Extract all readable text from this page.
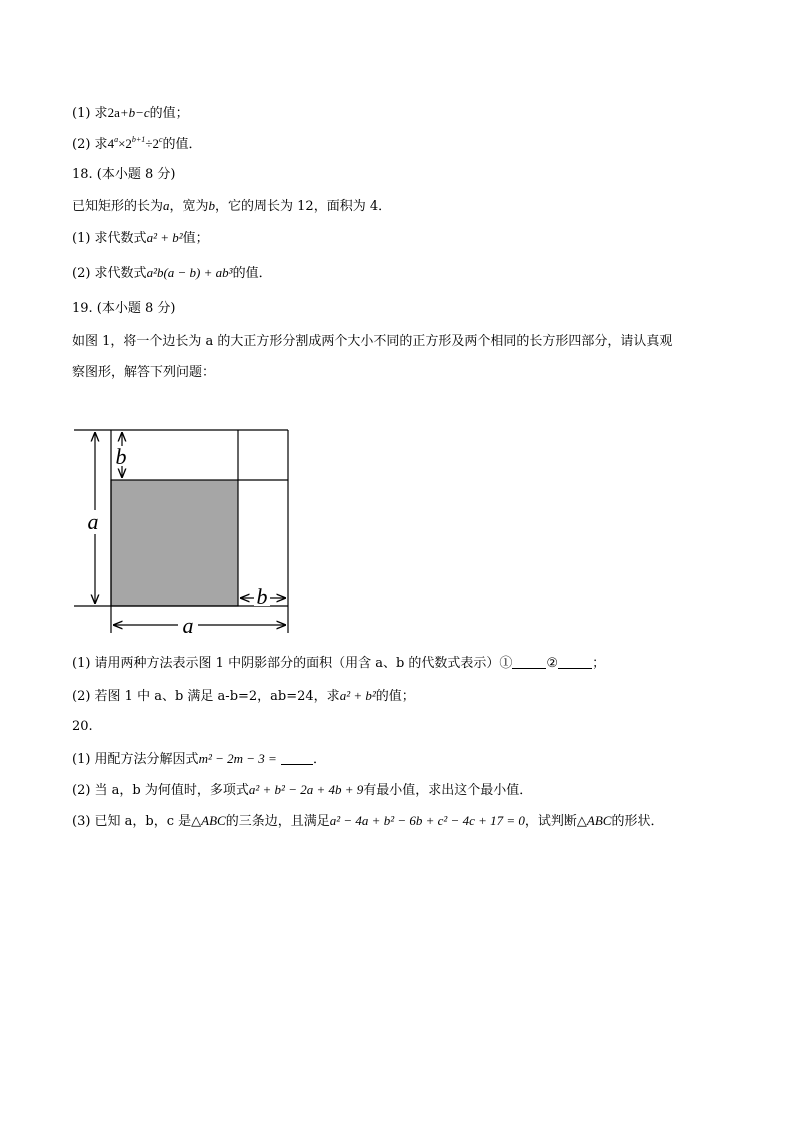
(1) 求2a+b−c的值；
(2) 求$4^a\times 2^{b+1}\div 2^c$的值．
18. (本小题 8 分)
已知矩形的长为a，宽为b，它的周长为 12，面积为 4．
(1) 求代数式a² + b²值；
(2) 求代数式a²b(a − b) + ab³的值．
19. (本小题 8 分)
如图 1，将一个边长为 a 的大正方形分割成两个大小不同的正方形及两个相同的长方形四部分，请认真观
察图形，解答下列问题：
a
b
b
a
(1) 请用两种方法表示图 1 中阴影部分的面积（用含 a、b 的代数式表示）①	②	；
(2) 若图 1 中 a、b 满足 a-b=2，ab=24，求a² + b²的值；
20.
(1) 用配方法分解因式m² − 2m − 3 =	．
(2) 当 a，b 为何值时，多项式a² + b² − 2a + 4b + 9有最小值，求出这个最小值．
(3) 已知 a，b，c 是△ABC的三条边，且满足a² − 4a + b² − 6b + c² − 4c + 17 = 0，试判断△ABC的形状．
